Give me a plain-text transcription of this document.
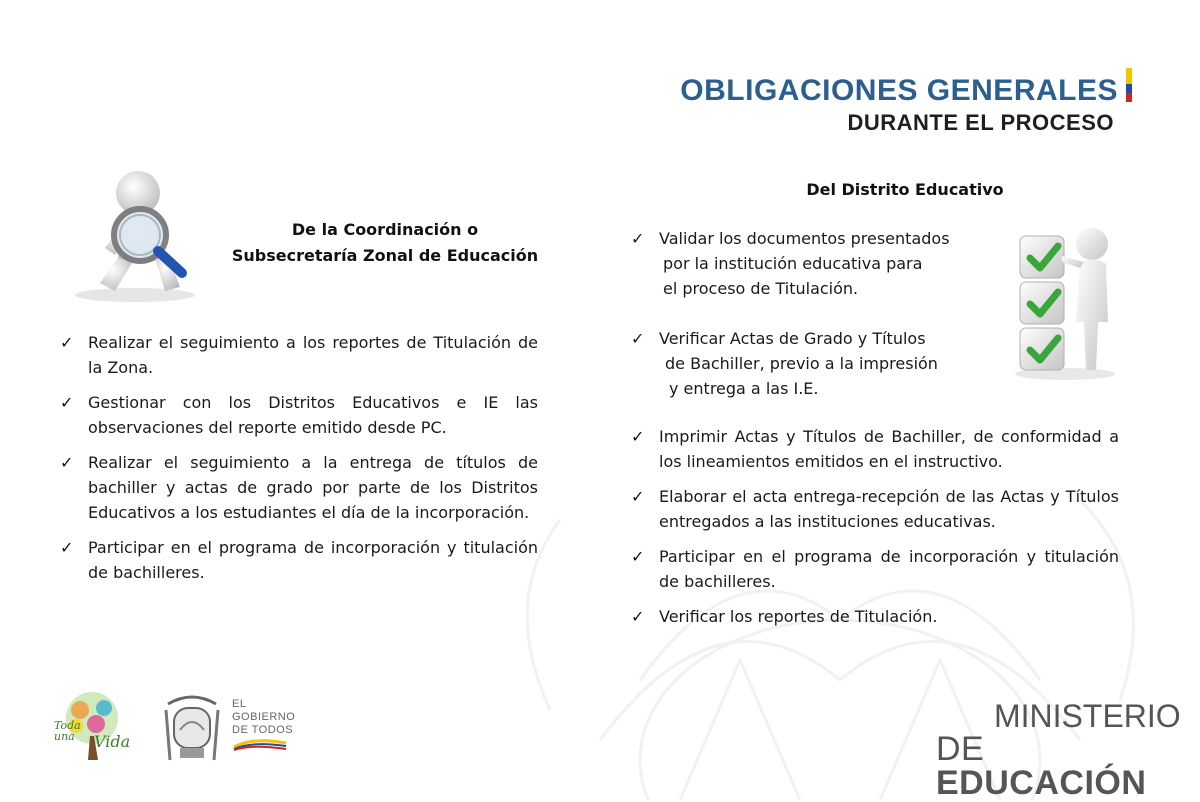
OBLIGACIONES GENERALES
DURANTE EL PROCESO
De la Coordinación o
Subsecretaría Zonal de Educación
✓ Realizar el seguimiento a los reportes de Titulación de la Zona.
✓ Gestionar con los Distritos Educativos e IE las observaciones del reporte emitido desde PC.
✓ Realizar el seguimiento a la entrega de títulos de bachiller y actas de grado por parte de los Distritos Educativos a los estudiantes el día de la incorporación.
✓ Participar en el programa de incorporación y titulación de bachilleres.
Del Distrito Educativo
✓ Validar los documentos presentados
por la institución educativa para
el proceso de Titulación.
✓ Verificar Actas de Grado y Títulos
de Bachiller, previo a la impresión
y entrega a las I.E.
✓ Imprimir Actas y Títulos de Bachiller, de conformidad a los lineamientos emitidos en el instructivo.
✓ Elaborar el acta entrega-recepción de las Actas y Títulos entregados a las instituciones educativas.
✓ Participar en el programa de incorporación y titulación de bachilleres.
✓ Verificar los reportes de Titulación.
Toda
una	Vida
EL
GOBIERNO
DE TODOS	MINISTERIO
DE EDUCACIÓN
